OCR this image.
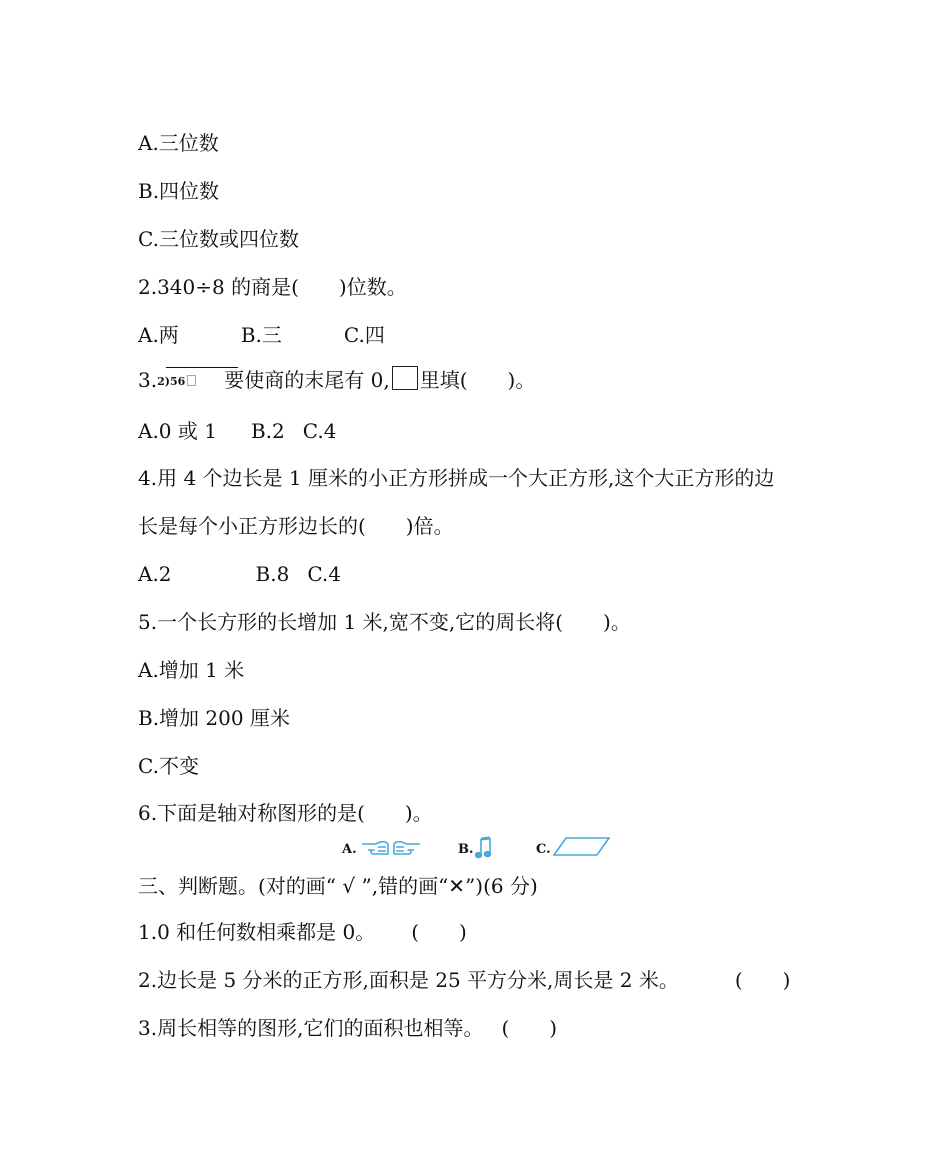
A.三位数
B.四位数
C.三位数或四位数
2.340÷8 的商是(　　)位数。
A.两	B.三	C.四
3.2)56 要使商的末尾有 0, 里填(　　)。
A.0 或 1 B.2 C.4
4.用 4 个边长是 1 厘米的小正方形拼成一个大正方形,这个大正方形的边
长是每个小正方形边长的(　　)倍。
A.2	B.8 C.4
5.一个长方形的长增加 1 米,宽不变,它的周长将(　　)。
A.增加 1 米
B.增加 200 厘米
C.不变
6.下面是轴对称图形的是(　　)。
A.	B.	C.
三、判断题。(对的画“ √ ”,错的画“✕”)(6 分)
1.0 和任何数相乘都是 0。 (　　)
2.边长是 5 分米的正方形,面积是 25 平方分米,周长是 2 米。	(　　)
3.周长相等的图形,它们的面积也相等。 (　　)
